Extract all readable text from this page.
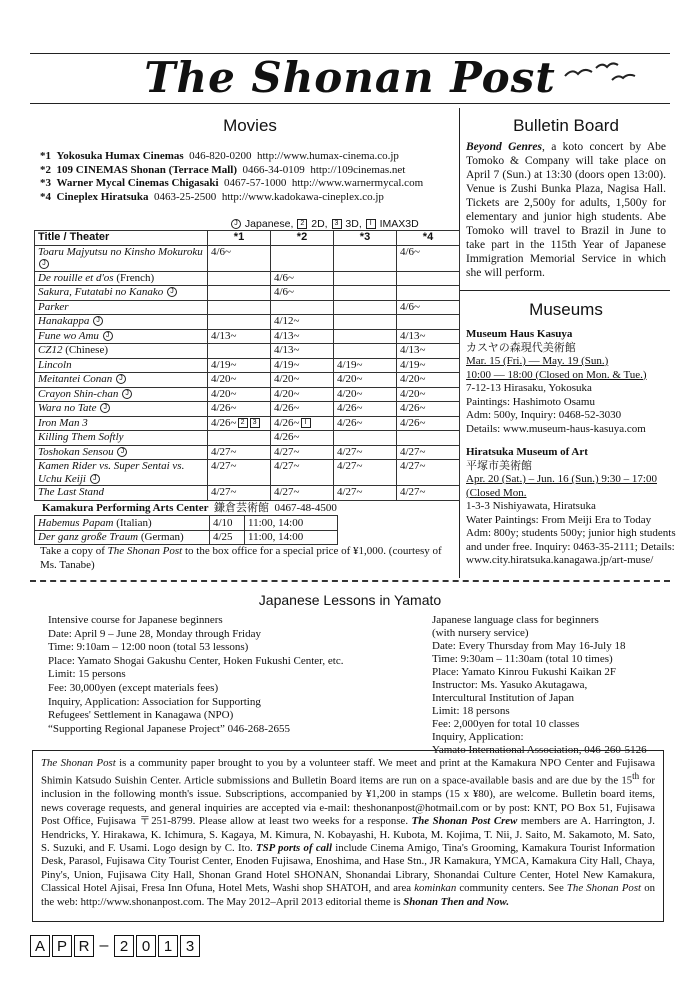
The Shonan Post
Movies
*1 Yokosuka Humax Cinemas 046-820-0200 http://www.humax-cinema.co.jp
*2 109 CINEMAS Shonan (Terrace Mall) 0466-34-0109 http://109cinemas.net
*3 Warner Mycal Cinemas Chigasaki 0467-57-1000 http://www.warnermycal.com
*4 Cineplex Hiratsuka 0463-25-2500 http://www.kadokawa-cineplex.co.jp
J Japanese, 2 2D, 3 3D, I IMAX3D
Title / Theater	*1	*2	*3	*4
Toaru Majyutsu no Kinsho Mokuroku J	4/6~			4/6~
De rouille et d'os (French)		4/6~		
Sakura, Futatabi no Kanako J		4/6~		
Parker				4/6~
Hanakappa J		4/12~		
Fune wo Amu J	4/13~	4/13~		4/13~
CZ12 (Chinese)		4/13~		4/13~
Lincoln	4/19~	4/19~	4/19~	4/19~
Meitantei Conan J	4/20~	4/20~	4/20~	4/20~
Crayon Shin-chan J	4/20~	4/20~	4/20~	4/20~
Wara no Tate J	4/26~	4/26~	4/26~	4/26~
Iron Man 3	4/26~ 2 3	4/26~ I	4/26~	4/26~
Killing Them Softly		4/26~		
Toshokan Sensou J	4/27~	4/27~	4/27~	4/27~
Kamen Rider vs. Super Sentai vs. Uchu Keiji J	4/27~	4/27~	4/27~	4/27~
The Last Stand	4/27~	4/27~	4/27~	4/27~
Kamakura Performing Arts Center 鎌倉芸術館 0467-48-4500
Habemus Papam (Italian)	4/10	11:00, 14:00
Der ganz große Traum (German)	4/25	11:00, 14:00
Take a copy of The Shonan Post to the box office for a special price of ¥1,000. (courtesy of Ms. Tanabe)
Bulletin Board
Beyond Genres, a koto concert by Abe Tomoko & Company will take place on April 7 (Sun.) at 13:30 (doors open 13:00). Venue is Zushi Bunka Plaza, Nagisa Hall. Tickets are 2,500y for adults, 1,500y for elementary and junior high students. Abe Tomoko will travel to Brazil in June to take part in the 115th Year of Japanese Immigration Memorial Service in which she will perform.
Museums
Museum Haus Kasuya
カスヤの森現代美術館
Mar. 15 (Fri.) ― May. 19 (Sun.)
10:00 ― 18:00 (Closed on Mon. & Tue.)
7-12-13 Hirasaku, Yokosuka
Paintings: Hashimoto Osamu
Adm: 500y, Inquiry: 0468-52-3030
Details: www.museum-haus-kasuya.com
Hiratsuka Museum of Art
平塚市美術館
Apr. 20 (Sat.) – Jun. 16 (Sun.) 9:30 – 17:00 (Closed Mon.
1-3-3 Nishiyawata, Hiratsuka
Water Paintings: From Meiji Era to Today
Adm: 800y; students 500y; junior high students and under free. Inquiry: 0463-35-2111; Details:
www.city.hiratsuka.kanagawa.jp/art-muse/
Japanese Lessons in Yamato
Intensive course for Japanese beginners
Date: April 9 – June 28, Monday through Friday
Time: 9:10am – 12:00 noon (total 53 lessons)
Place: Yamato Shogai Gakushu Center, Hoken Fukushi Center, etc.
Limit: 15 persons
Fee: 30,000yen (except materials fees)
Inquiry, Application: Association for Supporting
Refugees' Settlement in Kanagawa (NPO)
“Supporting Regional Japanese Project” 046-268-2655
Japanese language class for beginners
(with nursery service)
Date: Every Thursday from May 16-July 18
Time: 9:30am – 11:30am (total 10 times)
Place: Yamato Kinrou Fukushi Kaikan 2F
Instructor: Ms. Yasuko Akutagawa,
Intercultural Institution of Japan
Limit: 18 persons
Fee: 2,000yen for total 10 classes
Inquiry, Application:
Yamato International Association, 046-260-5126
The Shonan Post is a community paper brought to you by a volunteer staff. We meet and print at the Kamakura NPO Center and Fujisawa Shimin Katsudo Suishin Center. Article submissions and Bulletin Board items are run on a space-available basis and are due by the 15th for inclusion in the following month's issue. Subscriptions, accompanied by ¥1,200 in stamps (15 x ¥80), are welcome. Bulletin board items, news coverage requests, and general inquiries are accepted via e-mail: theshonanpost@hotmail.com or by post: KNT, PO Box 51, Fujisawa Post Office, Fujisawa 〒251-8799. Please allow at least two weeks for a response. The Shonan Post Crew members are A. Harrington, J. Hendricks, Y. Hirakawa, K. Ichimura, S. Kagaya, M. Kimura, N. Kobayashi, H. Kubota, M. Kojima, T. Nii, J. Saito, M. Sakamoto, M. Sato, S. Suzuki, and F. Usami. Logo design by C. Ito. TSP ports of call include Cinema Amigo, Tina's Grooming, Kamakura Tourist Information Desk, Parasol, Fujisawa City Tourist Center, Enoden Fujisawa, Enoshima, and Hase Stn., JR Kamakura, YMCA, Kamakura City Hall, Chaya, Piny's, Union, Fujisawa City Hall, Shonan Grand Hotel SHONAN, Shonandai Library, Shonandai Culture Center, Hotel New Kamakura, Classical Hotel Ajisai, Fresa Inn Ofuna, Hotel Mets, Washi shop SHATOH, and area kominkan community centers. See The Shonan Post on the web: http://www.shonanpost.com. The May 2012–April 2013 editorial theme is Shonan Then and Now.
A P R – 2 0 1 3
